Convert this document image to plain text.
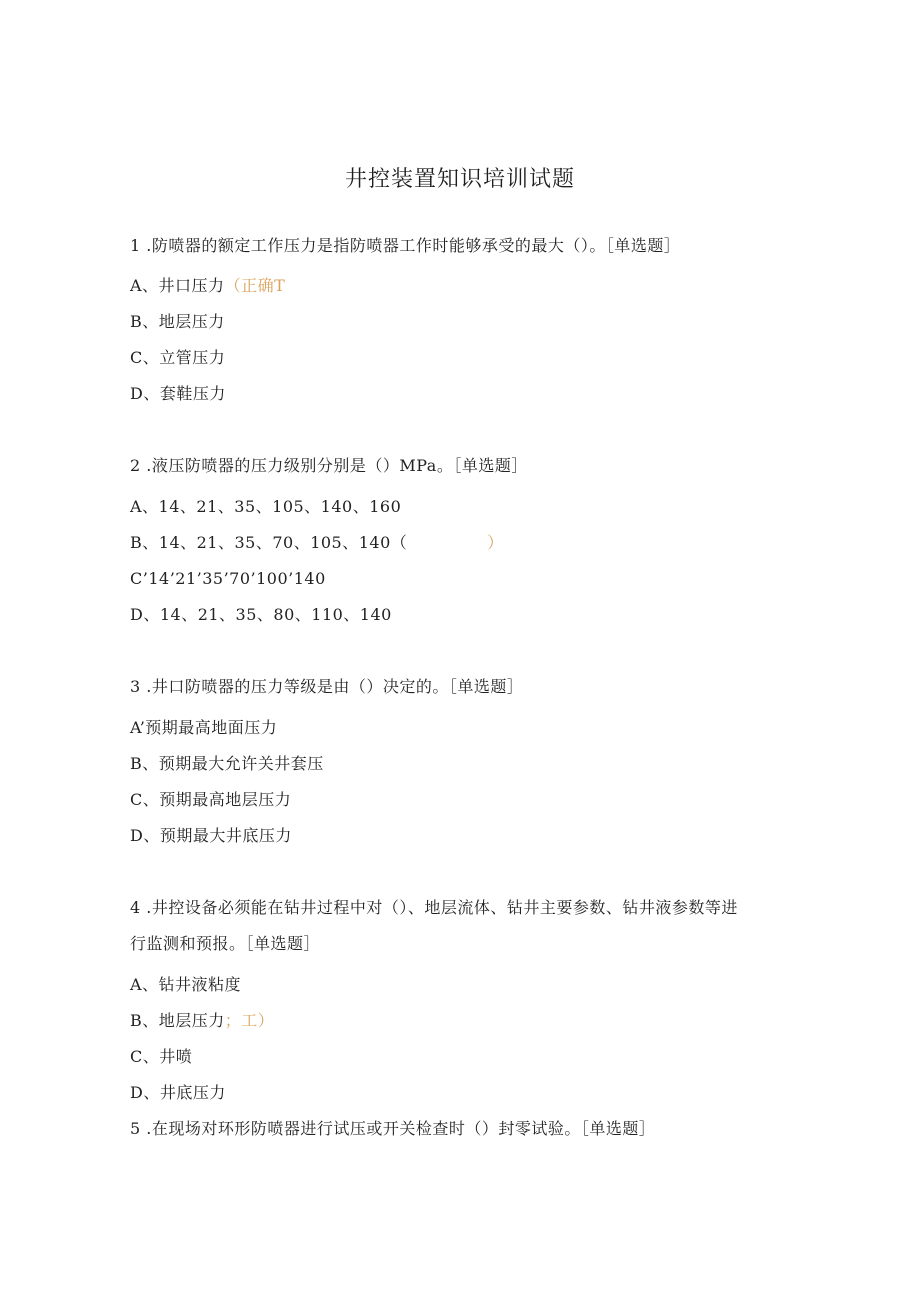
井控装置知识培训试题
1 .防喷器的额定工作压力是指防喷器工作时能够承受的最大（）。［单选题］
A、井口压力（正确T
B、地层压力
C、立管压力
D、套鞋压力
2 .液压防喷器的压力级别分别是（）MPa。［单选题］
A、14、21、35、105、140、160
B、14、21、35、70、105、140（	）
C’14’21’35’70’100’140
D、14、21、35、80、110、140
3 .井口防喷器的压力等级是由（）决定的。［单选题］
A’预期最高地面压力
B、预期最大允许关井套压
C、预期最高地层压力
D、预期最大井底压力
4 .井控设备必须能在钻井过程中对（）、地层流体、钻井主要参数、钻井液参数等进
行监测和预报。［单选题］
A、钻井液粘度
B、地层压力；工）
C、井喷
D、井底压力
5 .在现场对环形防喷器进行试压或开关检查时（）封零试验。［单选题］
